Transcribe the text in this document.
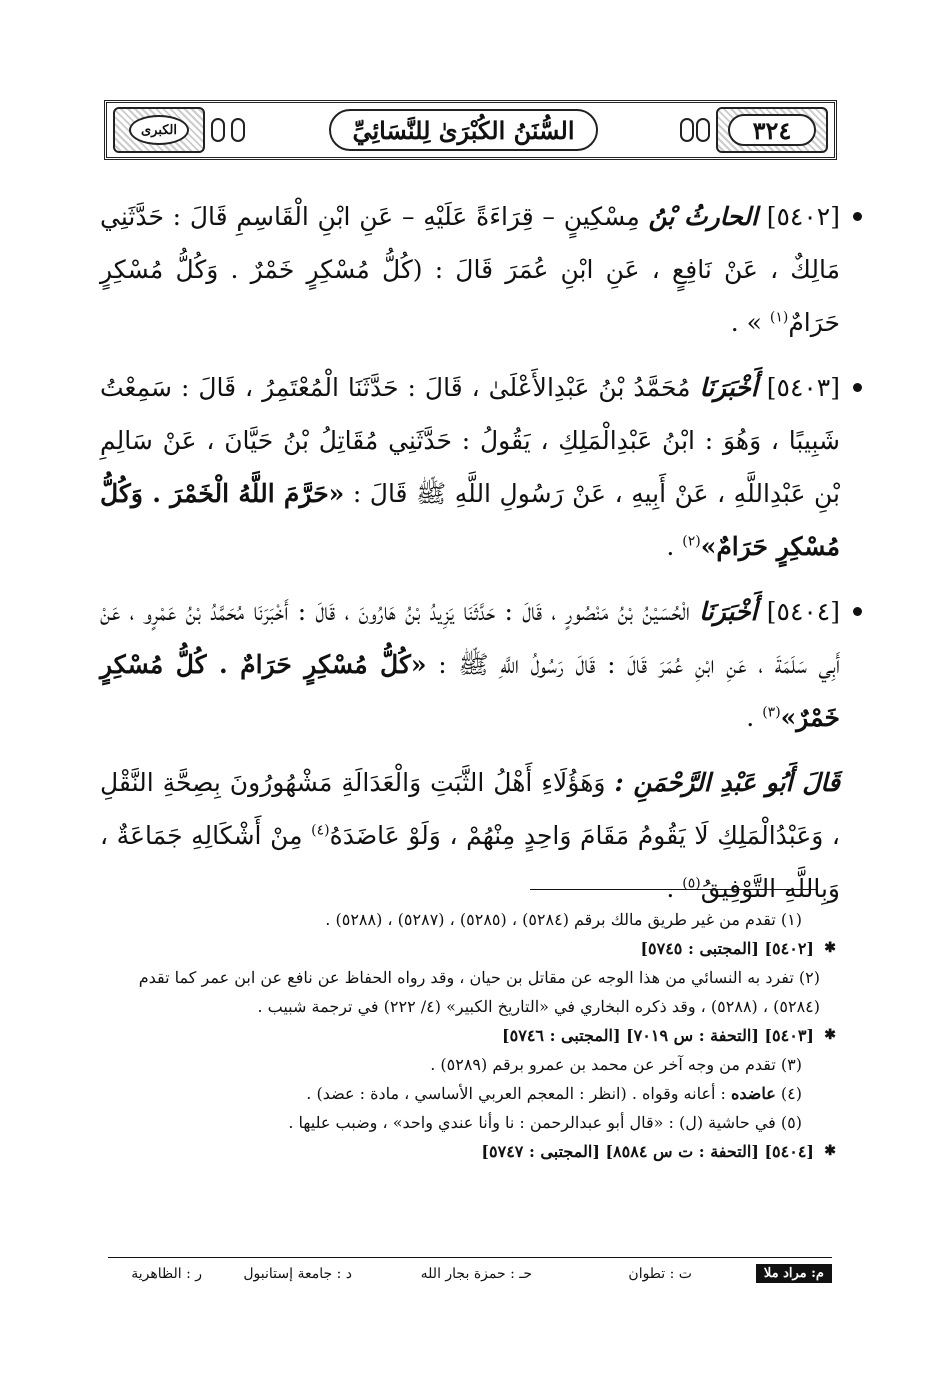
الكبرى	السُّنَنُ الكُبْرَىٰ لِلنَّسَائِيِّ	٣٢٤

[٥٤٠٢] الحارثُ بْنُ مِسْكِينٍ – قِرَاءَةً عَلَيْهِ – عَنِ ابْنِ الْقَاسِمِ قَالَ : حَدَّثَنِي مَالِكٌ ، عَنْ نَافِعٍ ، عَنِ ابْنِ عُمَرَ قَالَ : (كُلُّ مُسْكِرٍ خَمْرٌ . وَكُلُّ مُسْكِرٍ حَرَامٌ$^{(١)}$ » .

[٥٤٠٣] أَخْبَرَنَا مُحَمَّدُ بْنُ عَبْدِالأَعْلَىٰ ، قَالَ : حَدَّثَنَا الْمُعْتَمِرُ ، قَالَ : سَمِعْتُ شَبِيبًا ، وَهُوَ : ابْنُ عَبْدِالْمَلِكِ ، يَقُولُ : حَدَّثَنِي مُقَاتِلُ بْنُ حَيَّانَ ، عَنْ سَالِمِ بْنِ عَبْدِاللَّهِ ، عَنْ أَبِيهِ ، عَنْ رَسُولِ اللَّهِ ﷺ قَالَ : «حَرَّمَ اللَّهُ الْخَمْرَ . وَكُلُّ مُسْكِرٍ حَرَامٌ»$^{(٢)}$ .

[٥٤٠٤] أَخْبَرَنَا الْحُسَيْنُ بْنُ مَنْصُورٍ ، قَالَ : حَدَّثَنَا يَزِيدُ بْنُ هَارُونَ ، قَالَ : أَخْبَرَنَا مُحَمَّدُ بْنُ عَمْرٍو ، عَنْ أَبِي سَلَمَةَ ، عَنِ ابْنِ عُمَرَ قَالَ : قَالَ رَسُولُ اللَّهِ ﷺ : «كُلُّ مُسْكِرٍ حَرَامٌ . كُلُّ مُسْكِرٍ خَمْرٌ»$^{(٣)}$ .

قَالَ أَبُو عَبْدِ الرَّحْمَنِ : وَهَؤُلَاءِ أَهْلُ الثَّبَتِ وَالْعَدَالَةِ مَشْهُورُونَ بِصِحَّةِ النَّقْلِ ، وَعَبْدُالْمَلِكِ لَا يَقُومُ مَقَامَ وَاحِدٍ مِنْهُمْ ، وَلَوْ عَاضَدَهُ$^{(٤)}$ مِنْ أَشْكَالِهِ جَمَاعَةٌ ، وَبِاللَّهِ التَّوْفِيقُ$^{(٥)}$ .

(١) تقدم من غير طريق مالك برقم (٥٢٨٤) ، (٥٢٨٥) ، (٥٢٨٧) ، (٥٢٨٨) .

✱ [٥٤٠٢] [المجتبى : ٥٧٤٥]

(٢) تفرد به النسائي من هذا الوجه عن مقاتل بن حيان ، وقد رواه الحفاظ عن نافع عن ابن عمر كما تقدم (٥٢٨٤) ، (٥٢٨٨) ، وقد ذكره البخاري في «التاريخ الكبير» (٤/ ٢٢٢) في ترجمة شبيب .

✱ [٥٤٠٣] [التحفة : س ٧٠١٩] [المجتبى : ٥٧٤٦]

(٣) تقدم من وجه آخر عن محمد بن عمرو برقم (٥٢٨٩) .

(٤) عاضده : أعانه وقواه . (انظر : المعجم العربي الأساسي ، مادة : عضد) .

(٥) في حاشية (ل) : «قال أبو عبدالرحمن : نا وأنا عندي واحد» ، وضبب عليها .

✱ [٥٤٠٤] [التحفة : ت س ٨٥٨٤] [المجتبى : ٥٧٤٧]

م: مراد ملا
ت : تطوان
حـ : حمزة بجار الله
د : جامعة إستانبول
ر : الظاهرية
